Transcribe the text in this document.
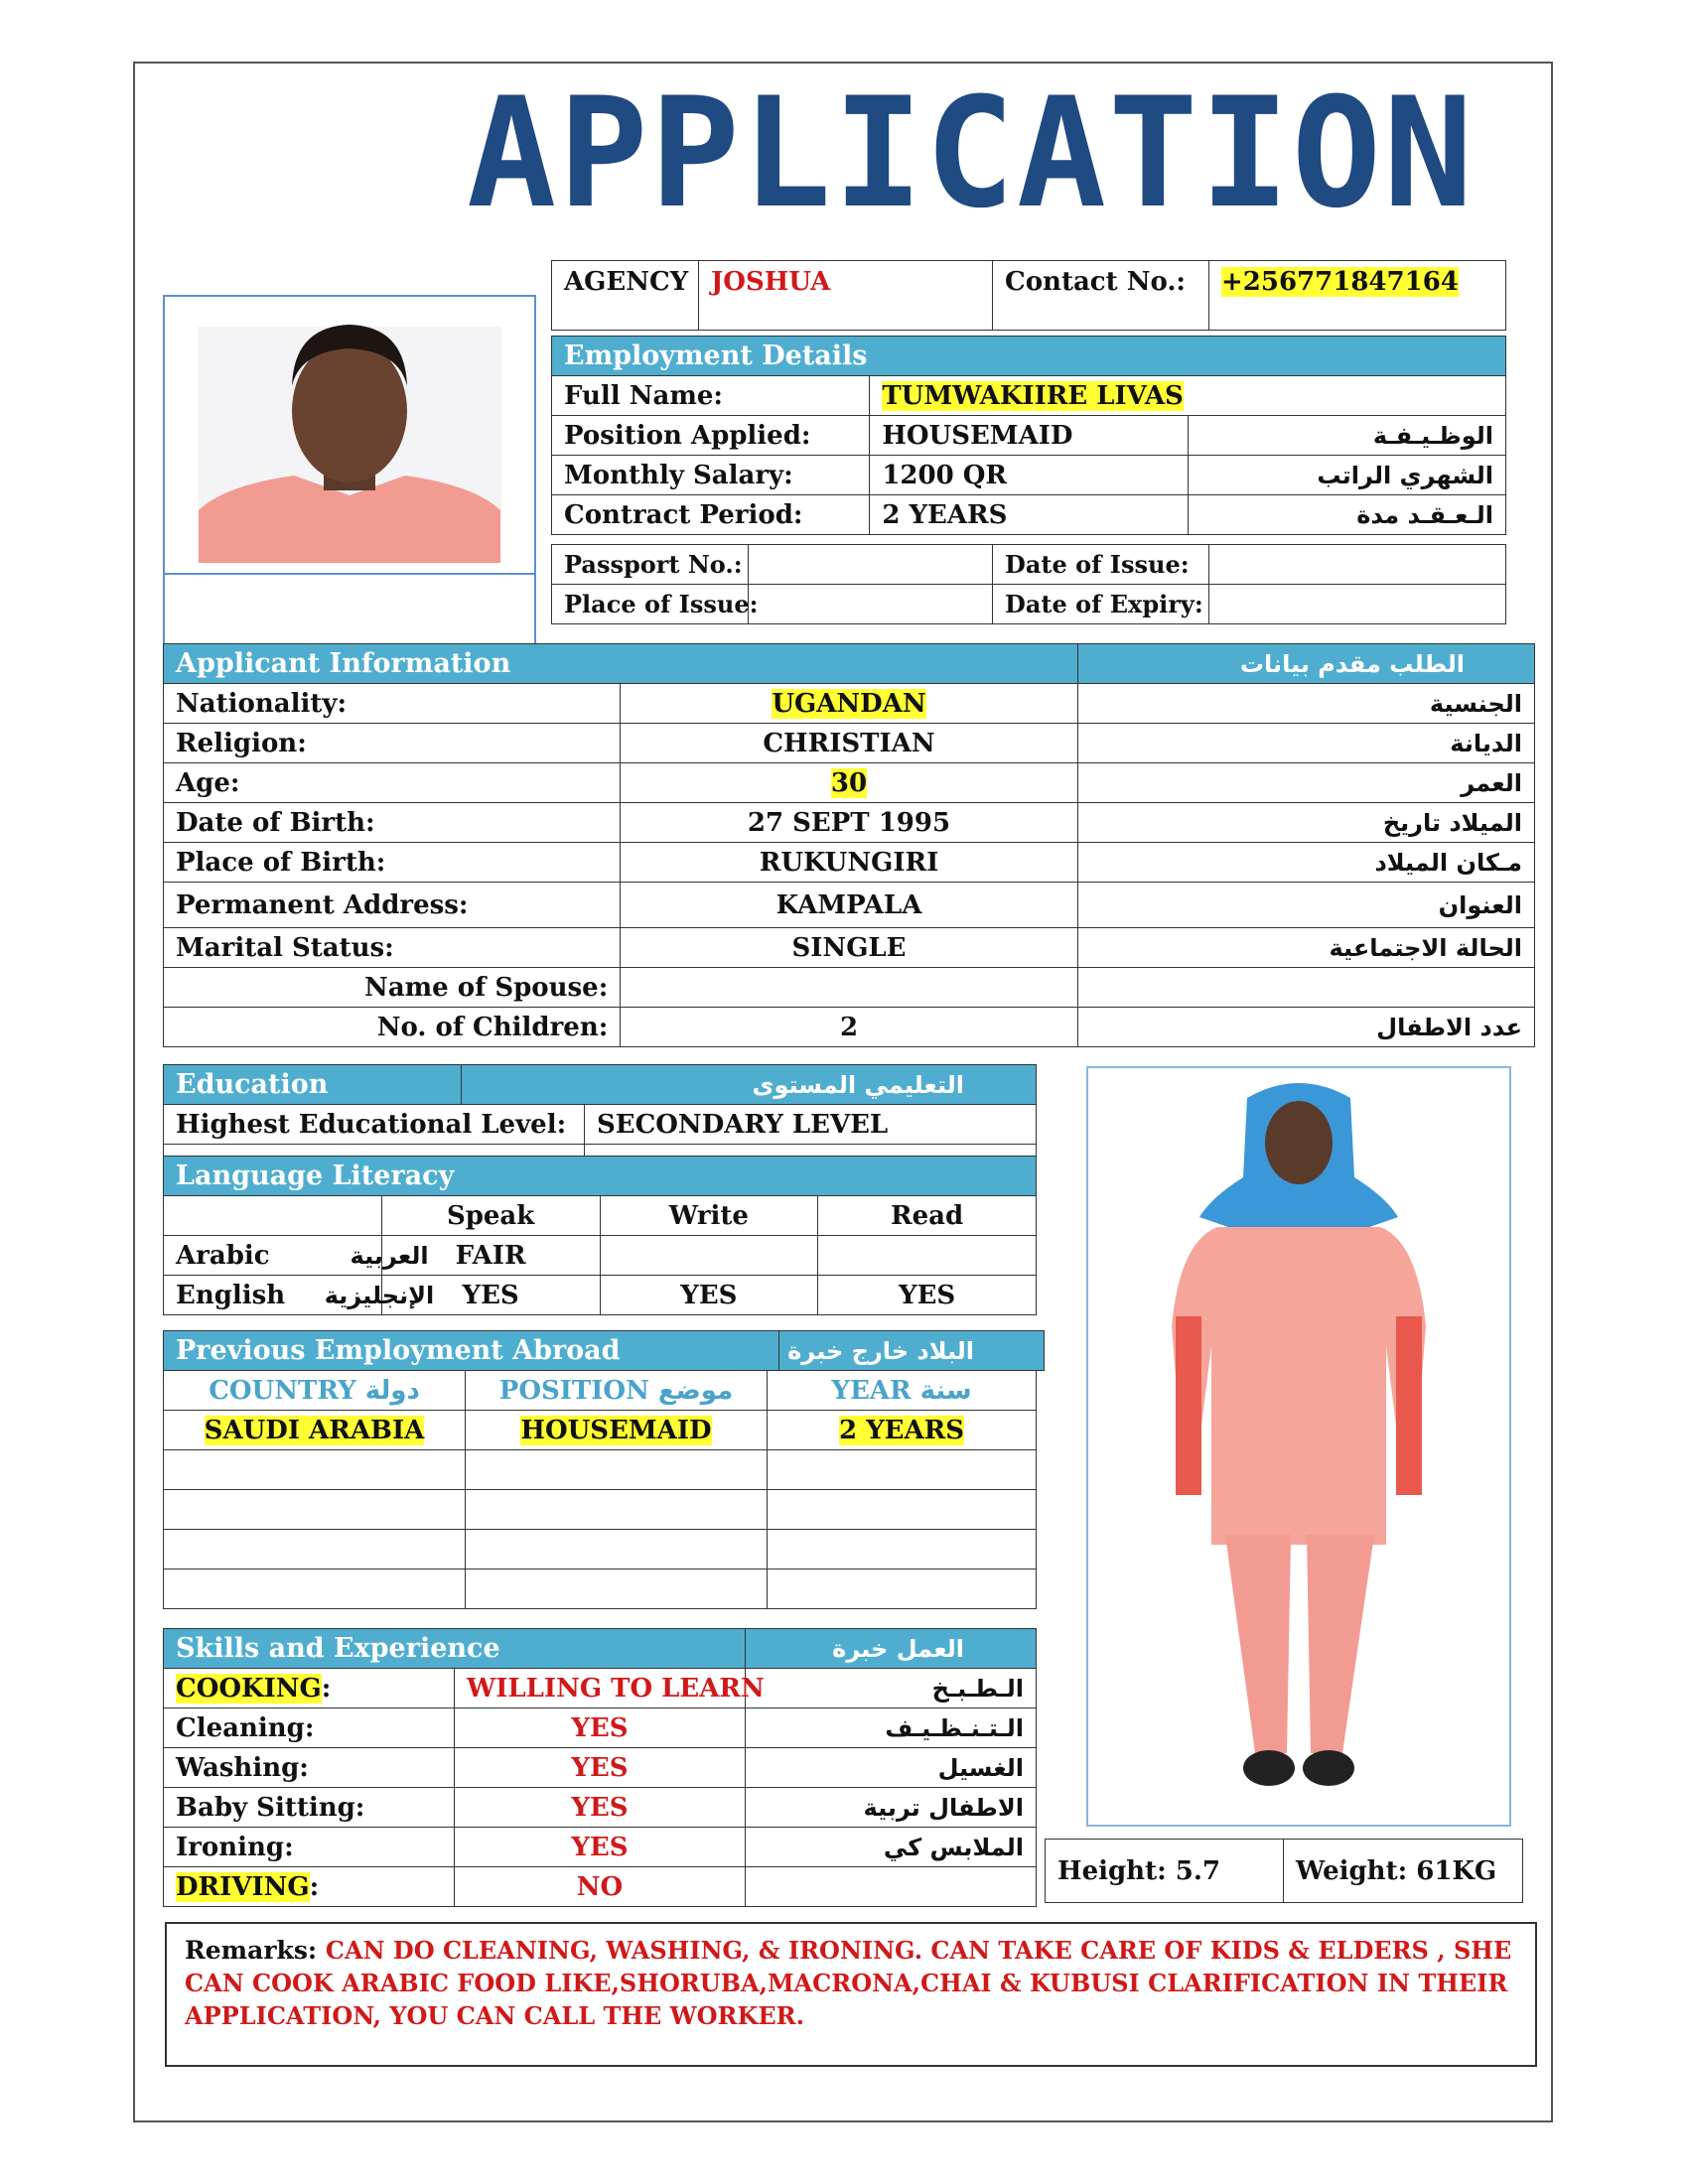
APPLICATION
AGENCY	JOSHUA	Contact No.:	+256771847164
Employment Details		
Full Name:	TUMWAKIIRE LIVAS	
Position Applied:	HOUSEMAID	الوظـيـفـة
Monthly Salary:	1200 QR	الشهري الراتب
Contract Period:	2 YEARS	الـعـقـد مدة
Passport No.:		Date of Issue:	
Place of Issue:		Date of Expiry:	
Applicant Information		الطلب مقدم بيانات
Nationality:	UGANDAN	الجنسية
Religion:	CHRISTIAN	الديانة
Age:	30	العمر
Date of Birth:	27 SEPT 1995	الميلاد تاريخ
Place of Birth:	RUKUNGIRI	مـكان الميلاد
Permanent Address:	KAMPALA	العنوان
Marital Status:	SINGLE	الحالة الاجتماعية
Name of Spouse:		
No. of Children:	2	عدد الاطفال
Education	التعليمي المستوى
Highest Educational Level:	SECONDARY LEVEL

Language Literacy			
	Speak	Write	Read
Arabic العربية	FAIR		
English الإنجليزية	YES	YES	YES
Previous Employment Abroad	البلاد خارج خبرة
COUNTRY دولة	POSITION موضع	YEAR سنة
SAUDI ARABIA	HOUSEMAID	2 YEARS

Skills and Experience		العمل خبرة
COOKING:	WILLING TO LEARN	الـطـبـخ
Cleaning:	YES	الـتـنـظـيـف
Washing:	YES	الغسيل
Baby Sitting:	YES	الاطفال تربية
Ironing:	YES	الملابس كي
DRIVING:	NO	
Height: 5.7	Weight: 61KG
Remarks: CAN DO CLEANING, WASHING, & IRONING. CAN TAKE CARE OF KIDS & ELDERS , SHE CAN COOK ARABIC FOOD LIKE,SHORUBA,MACRONA,CHAI & KUBUSI CLARIFICATION IN THEIR APPLICATION, YOU CAN CALL THE WORKER.
